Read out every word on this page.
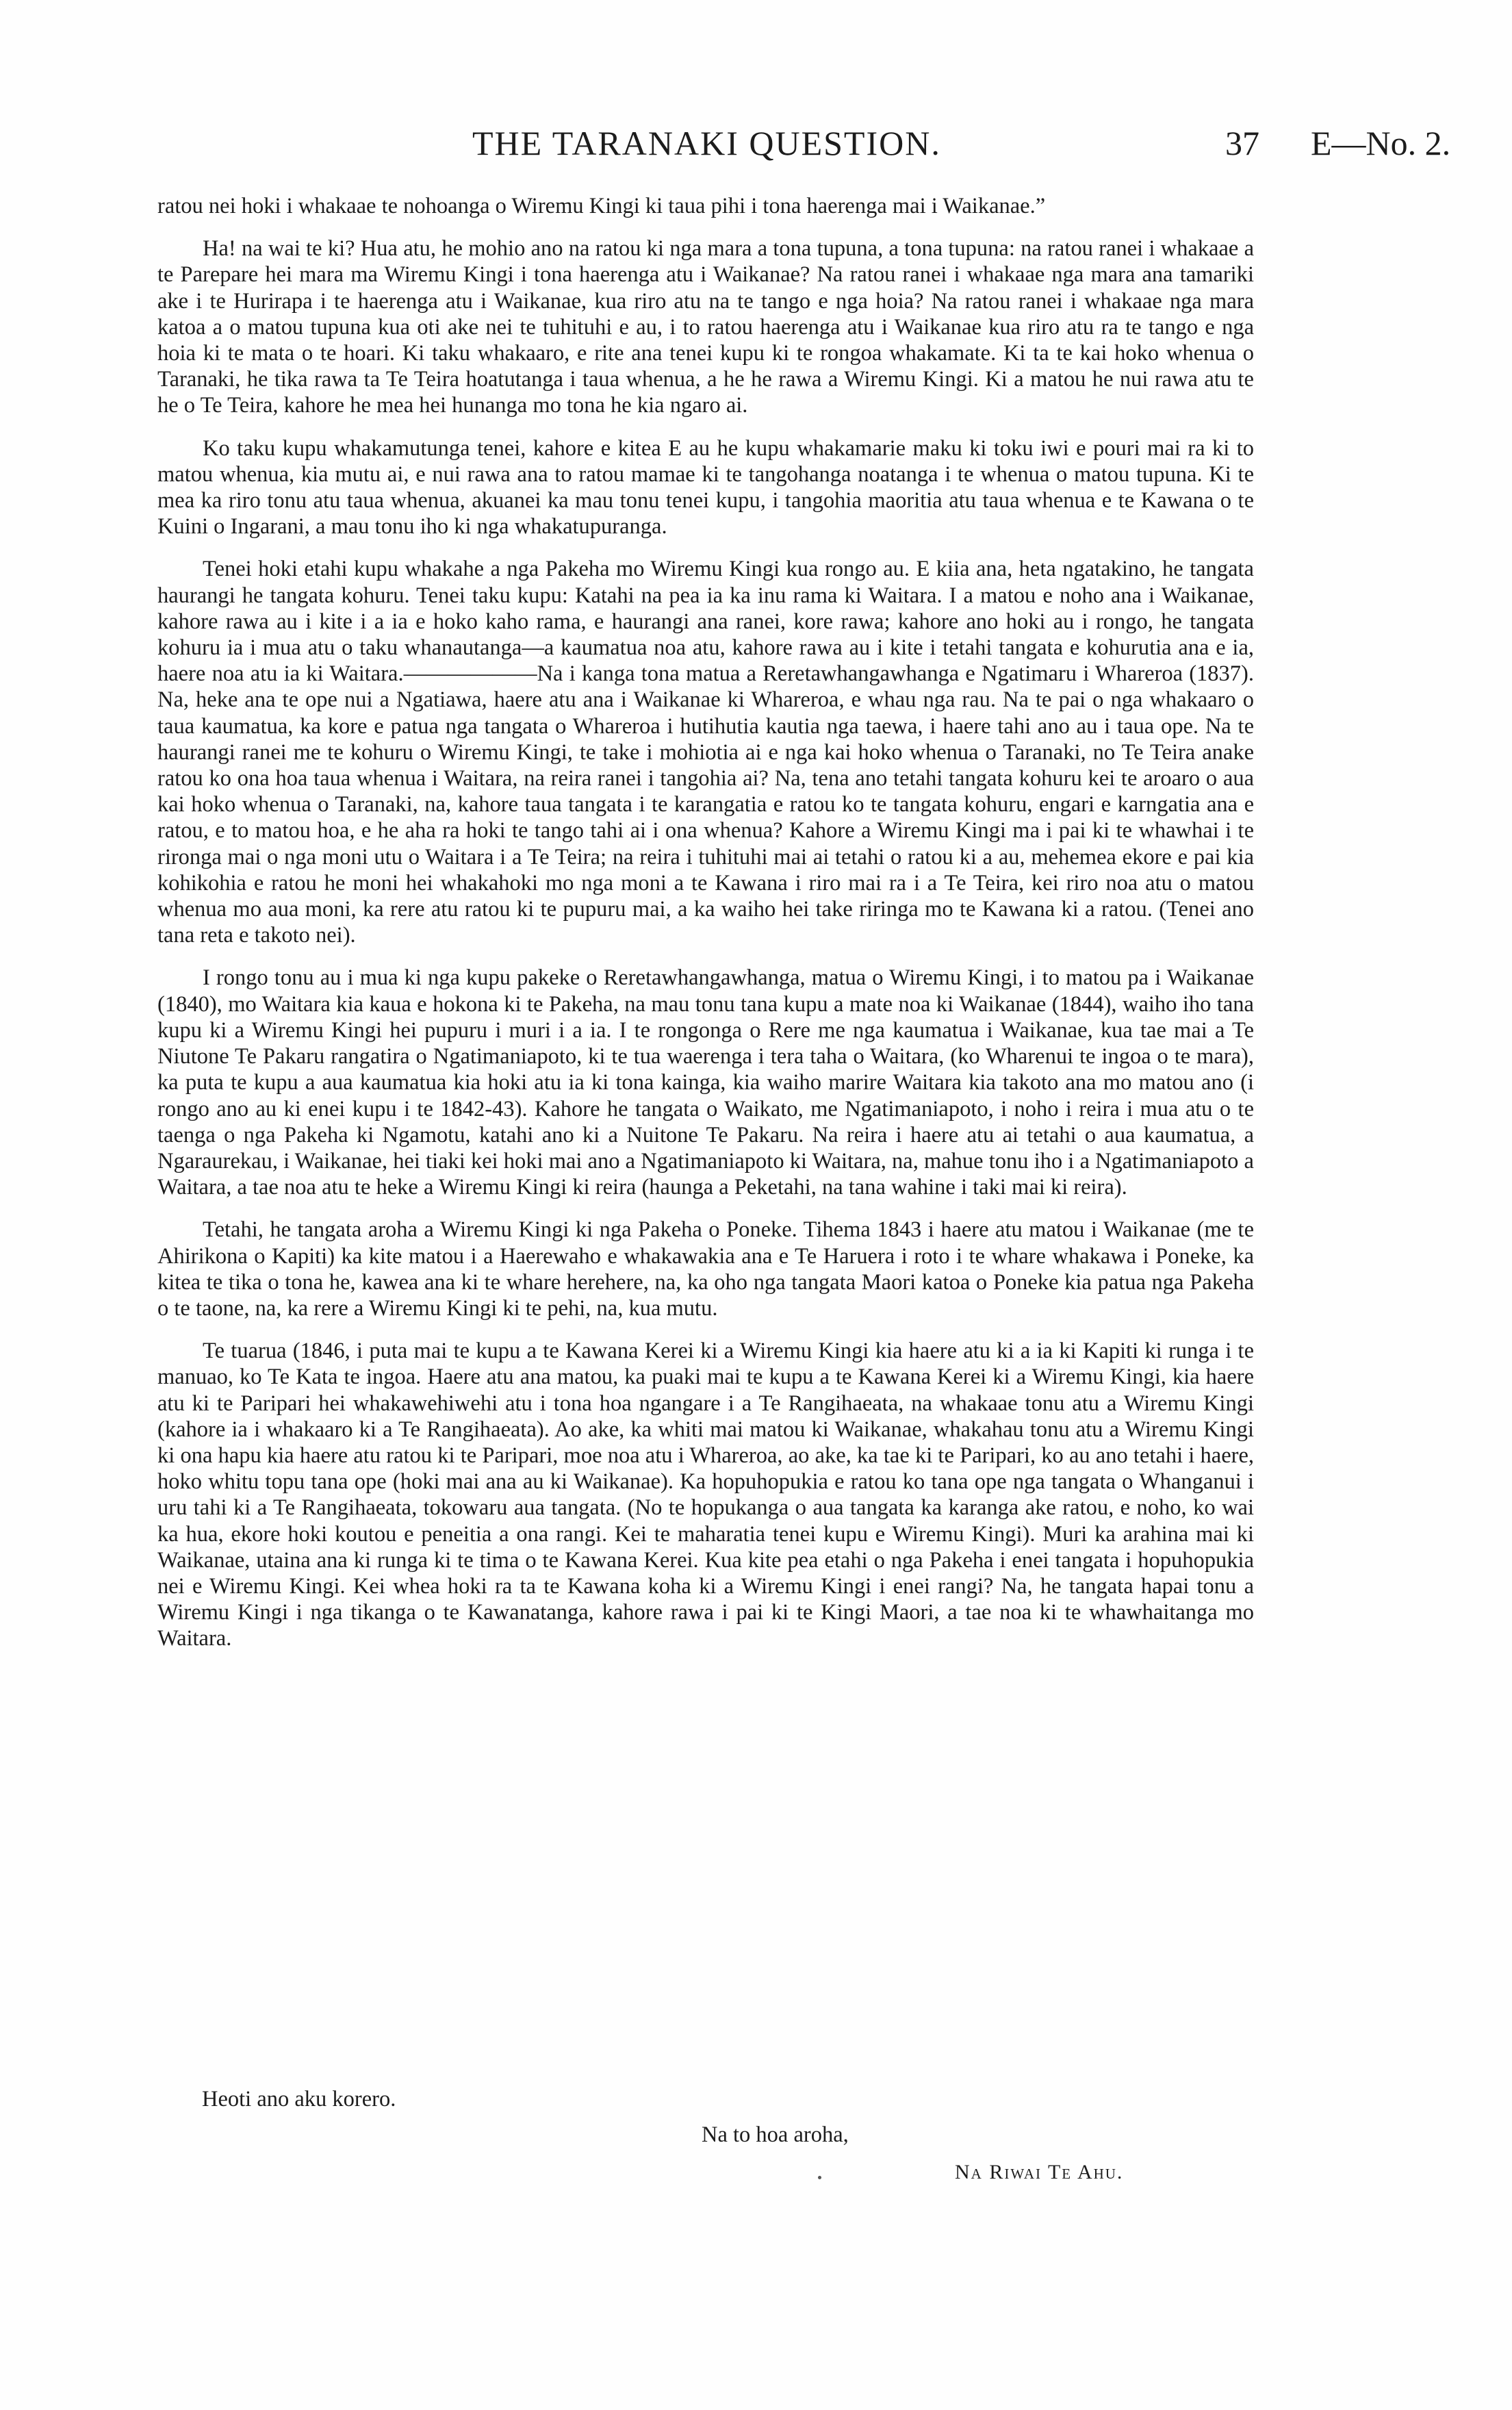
THE TARANAKI QUESTION.	37 E—No. 2.

ratou nei hoki i whakaae te nohoanga o Wiremu Kingi ki taua pihi i tona haerenga mai i Waikanae.”

Ha! na wai te ki? Hua atu, he mohio ano na ratou ki nga mara a tona tupuna, a tona tupuna: na ratou ranei i whakaae a te Parepare hei mara ma Wiremu Kingi i tona haerenga atu i Waikanae? Na ratou ranei i whakaae nga mara ana tamariki ake i te Hurirapa i te haerenga atu i Waikanae, kua riro atu na te tango e nga hoia? Na ratou ranei i whakaae nga mara katoa a o matou tupuna kua oti ake nei te tuhituhi e au, i to ratou haerenga atu i Waikanae kua riro atu ra te tango e nga hoia ki te mata o te hoari. Ki taku whakaaro, e rite ana tenei kupu ki te rongoa whakamate. Ki ta te kai hoko whenua o Taranaki, he tika rawa ta Te Teira hoatutanga i taua whenua, a he he rawa a Wiremu Kingi. Ki a matou he nui rawa atu te he o Te Teira, kahore he mea hei hunanga mo tona he kia ngaro ai.

Ko taku kupu whakamutunga tenei, kahore e kitea E au he kupu whakamarie maku ki toku iwi e pouri mai ra ki to matou whenua, kia mutu ai, e nui rawa ana to ratou mamae ki te tangohanga noatanga i te whenua o matou tupuna. Ki te mea ka riro tonu atu taua whenua, akuanei ka mau tonu tenei kupu, i tangohia maoritia atu taua whenua e te Kawana o te Kuini o Ingarani, a mau tonu iho ki nga whakatupuranga.

Tenei hoki etahi kupu whakahe a nga Pakeha mo Wiremu Kingi kua rongo au. E kiia ana, heta ngatakino, he tangata haurangi he tangata kohuru. Tenei taku kupu: Katahi na pea ia ka inu rama ki Waitara. I a matou e noho ana i Waikanae, kahore rawa au i kite i a ia e hoko kaho rama, e haurangi ana ranei, kore rawa; kahore ano hoki au i rongo, he tangata kohuru ia i mua atu o taku whanautanga—a kaumatua noa atu, kahore rawa au i kite i tetahi tangata e kohurutia ana e ia, haere noa atu ia ki Waitara.——————Na i kanga tona matua a Reretawhangawhanga e Ngatimaru i Whareroa (1837). Na, heke ana te ope nui a Ngatiawa, haere atu ana i Waikanae ki Whareroa, e whau nga rau. Na te pai o nga whakaaro o taua kaumatua, ka kore e patua nga tangata o Whareroa i hutihutia kautia nga taewa, i haere tahi ano au i taua ope. Na te haurangi ranei me te kohuru o Wiremu Kingi, te take i mohiotia ai e nga kai hoko whenua o Taranaki, no Te Teira anake ratou ko ona hoa taua whenua i Waitara, na reira ranei i tangohia ai? Na, tena ano tetahi tangata kohuru kei te aroaro o aua kai hoko whenua o Taranaki, na, kahore taua tangata i te karangatia e ratou ko te tangata kohuru, engari e karngatia ana e ratou, e to matou hoa, e he aha ra hoki te tango tahi ai i ona whenua? Kahore a Wiremu Kingi ma i pai ki te whawhai i te rironga mai o nga moni utu o Waitara i a Te Teira; na reira i tuhituhi mai ai tetahi o ratou ki a au, mehemea ekore e pai kia kohikohia e ratou he moni hei whakahoki mo nga moni a te Kawana i riro mai ra i a Te Teira, kei riro noa atu o matou whenua mo aua moni, ka rere atu ratou ki te pupuru mai, a ka waiho hei take riringa mo te Kawana ki a ratou. (Tenei ano tana reta e takoto nei).

I rongo tonu au i mua ki nga kupu pakeke o Reretawhangawhanga, matua o Wiremu Kingi, i to matou pa i Waikanae (1840), mo Waitara kia kaua e hokona ki te Pakeha, na mau tonu tana kupu a mate noa ki Waikanae (1844), waiho iho tana kupu ki a Wiremu Kingi hei pupuru i muri i a ia. I te rongonga o Rere me nga kaumatua i Waikanae, kua tae mai a Te Niutone Te Pakaru rangatira o Ngatimaniapoto, ki te tua waerenga i tera taha o Waitara, (ko Wharenui te ingoa o te mara), ka puta te kupu a aua kaumatua kia hoki atu ia ki tona kainga, kia waiho marire Waitara kia takoto ana mo matou ano (i rongo ano au ki enei kupu i te 1842-43). Kahore he tangata o Waikato, me Ngatimaniapoto, i noho i reira i mua atu o te taenga o nga Pakeha ki Ngamotu, katahi ano ki a Nuitone Te Pakaru. Na reira i haere atu ai tetahi o aua kaumatua, a Ngaraurekau, i Waikanae, hei tiaki kei hoki mai ano a Ngatimaniapoto ki Waitara, na, mahue tonu iho i a Ngatimaniapoto a Waitara, a tae noa atu te heke a Wiremu Kingi ki reira (haunga a Peketahi, na tana wahine i taki mai ki reira).

Tetahi, he tangata aroha a Wiremu Kingi ki nga Pakeha o Poneke. Tihema 1843 i haere atu matou i Waikanae (me te Ahirikona o Kapiti) ka kite matou i a Haerewaho e whakawakia ana e Te Haruera i roto i te whare whakawa i Poneke, ka kitea te tika o tona he, kawea ana ki te whare herehere, na, ka oho nga tangata Maori katoa o Poneke kia patua nga Pakeha o te taone, na, ka rere a Wiremu Kingi ki te pehi, na, kua mutu.

Te tuarua (1846, i puta mai te kupu a te Kawana Kerei ki a Wiremu Kingi kia haere atu ki a ia ki Kapiti ki runga i te manuao, ko Te Kata te ingoa. Haere atu ana matou, ka puaki mai te kupu a te Kawana Kerei ki a Wiremu Kingi, kia haere atu ki te Paripari hei whakawehiwehi atu i tona hoa ngangare i a Te Rangihaeata, na whakaae tonu atu a Wiremu Kingi (kahore ia i whakaaro ki a Te Rangihaeata). Ao ake, ka whiti mai matou ki Waikanae, whakahau tonu atu a Wiremu Kingi ki ona hapu kia haere atu ratou ki te Paripari, moe noa atu i Whareroa, ao ake, ka tae ki te Paripari, ko au ano tetahi i haere, hoko whitu topu tana ope (hoki mai ana au ki Waikanae). Ka hopuhopukia e ratou ko tana ope nga tangata o Whanganui i uru tahi ki a Te Rangihaeata, tokowaru aua tangata. (No te hopukanga o aua tangata ka karanga ake ratou, e noho, ko wai ka hua, ekore hoki koutou e peneitia a ona rangi. Kei te maharatia tenei kupu e Wiremu Kingi). Muri ka arahina mai ki Waikanae, utaina ana ki runga ki te tima o te Kawana Kerei. Kua kite pea etahi o nga Pakeha i enei tangata i hopuhopukia nei e Wiremu Kingi. Kei whea hoki ra ta te Kawana koha ki a Wiremu Kingi i enei rangi? Na, he tangata hapai tonu a Wiremu Kingi i nga tikanga o te Kawanatanga, kahore rawa i pai ki te Kingi Maori, a tae noa ki te whawhaitanga mo Waitara.

Heoti ano aku korero.
Na to hoa aroha,
Na Riwai Te Ahu.
